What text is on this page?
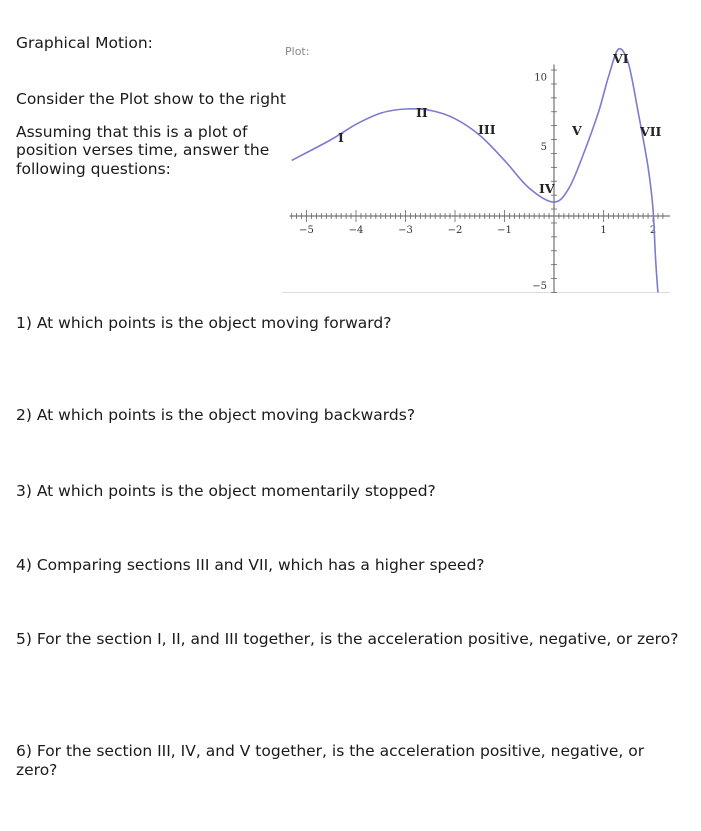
Graphical Motion:

Consider the Plot show to the right

Assuming that this is a plot of position verses time, answer the following questions:

Plot:
−5	−4	−3	−2	−1	1	2
10
5
−5
I
II
III
IV
V
VI
VII

1) At which points is the object moving forward?

2) At which points is the object moving backwards?

3) At which points is the object momentarily stopped?

4) Comparing sections III and VII, which has a higher speed?

5) For the section I, II, and III together, is the acceleration positive, negative, or zero?

6) For the section III, IV, and V together, is the acceleration positive, negative, or zero?
